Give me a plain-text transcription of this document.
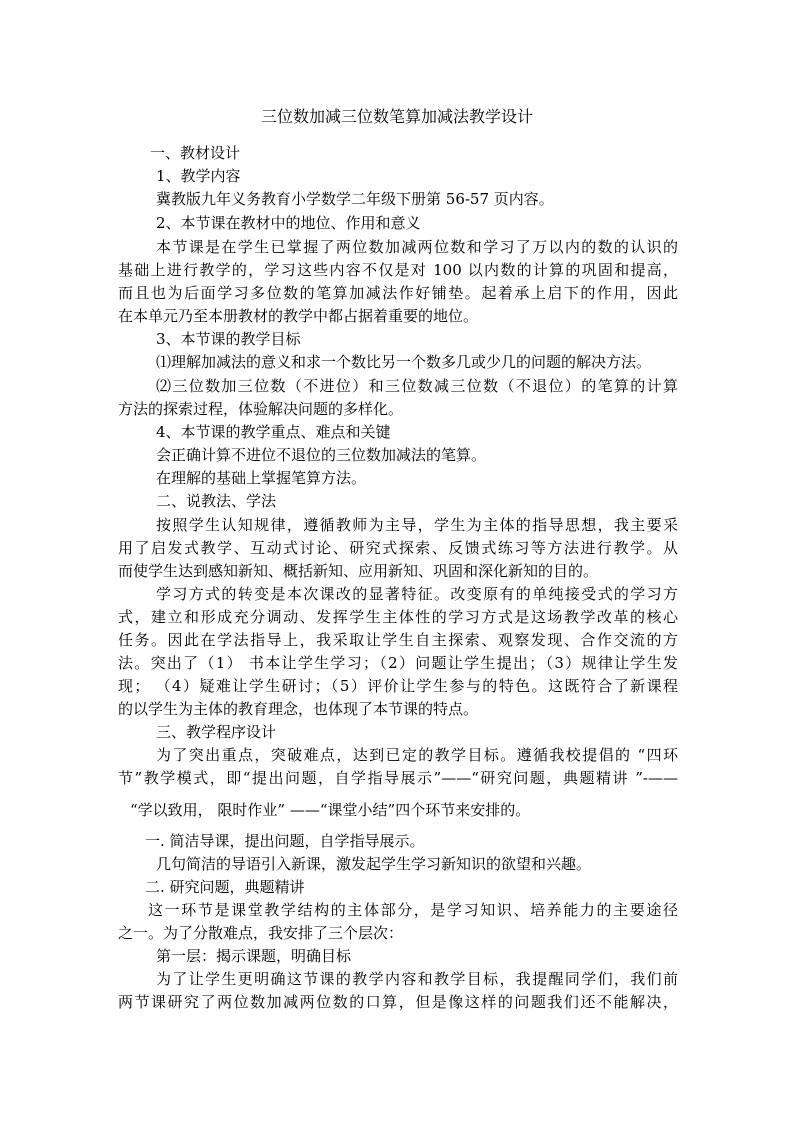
三位数加减三位数笔算加减法教学设计
一、教材设计
1、教学内容
冀教版九年义务教育小学数学二年级下册第 56-57 页内容。
2、本节课在教材中的地位、作用和意义
本节课是在学生已掌握了两位数加减两位数和学习了万以内的数的认识的
基础上进行教学的，学习这些内容不仅是对 100 以内数的计算的巩固和提高，
而且也为后面学习多位数的笔算加减法作好铺垫。起着承上启下的作用，因此
在本单元乃至本册教材的教学中都占据着重要的地位。
3、本节课的教学目标
⑴理解加减法的意义和求一个数比另一个数多几或少几的问题的解决方法。
⑵三位数加三位数（不进位）和三位数减三位数（不退位）的笔算的计算
方法的探索过程，体验解决问题的多样化。
4、本节课的教学重点、难点和关键
会正确计算不进位不退位的三位数加减法的笔算。
在理解的基础上掌握笔算方法。
二、说教法、学法
按照学生认知规律，遵循教师为主导，学生为主体的指导思想，我主要采
用了启发式教学、互动式讨论、研究式探索、反馈式练习等方法进行教学。从
而使学生达到感知新知、概括新知、应用新知、巩固和深化新知的目的。
学习方式的转变是本次课改的显著特征。改变原有的单纯接受式的学习方
式，建立和形成充分调动、发挥学生主体性的学习方式是这场教学改革的核心
任务。因此在学法指导上，我采取让学生自主探索、观察发现、合作交流的方
法。突出了（1） 书本让学生学习；（2）问题让学生提出；（3）规律让学生发
现； （4）疑难让学生研讨；（5）评价让学生参与的特色。这既符合了新课程
的以学生为主体的教育理念，也体现了本节课的特点。
三、教学程序设计
为了突出重点，突破难点，达到已定的教学目标。遵循我校提倡的 “四环
节”教学模式，即“提出问题，自学指导展示”——“研究问题，典题精讲 ”-——
“学以致用， 限时作业” ——“课堂小结”四个环节来安排的。
一. 简洁导课，提出问题，自学指导展示。
几句简洁的导语引入新课，激发起学生学习新知识的欲望和兴趣。
二. 研究问题，典题精讲
这一环节是课堂教学结构的主体部分，是学习知识、培养能力的主要途径
之一。为了分散难点，我安排了三个层次：
第一层：揭示课题，明确目标
为了让学生更明确这节课的教学内容和教学目标，我提醒同学们，我们前
两节课研究了两位数加减两位数的口算，但是像这样的问题我们还不能解决，
